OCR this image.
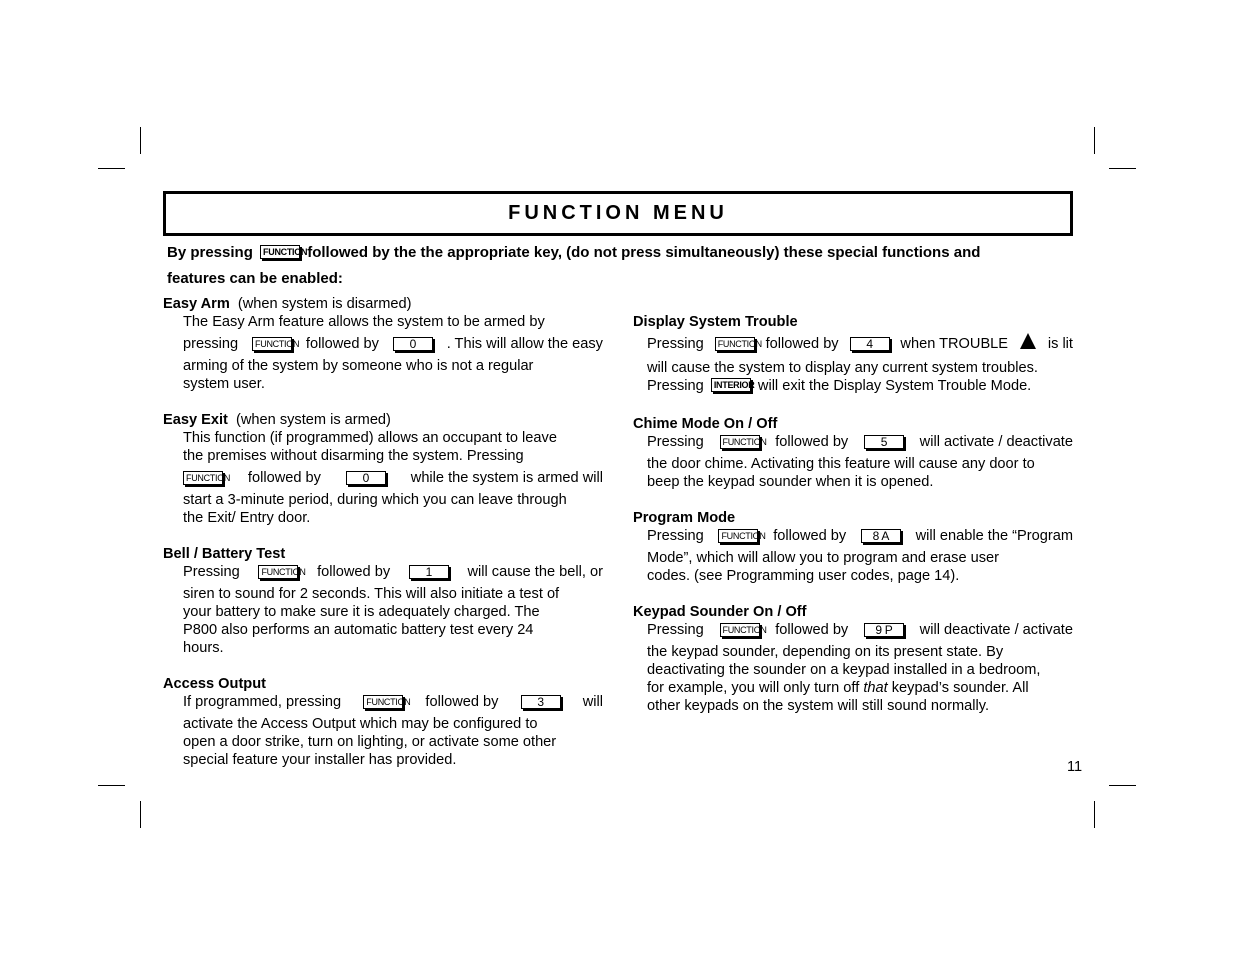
FUNCTION MENU
By pressing FUNCTION followed by the the appropriate key, (do not press simultaneously) these special functions and
features can be enabled:
Easy Arm (when system is disarmed)
The Easy Arm feature allows the system to be armed by
pressing	FUNCTION followed by	0	. This will allow the easy
arming of the system by someone who is not a regular
system user.
Easy Exit (when system is armed)
This function (if programmed) allows an occupant to leave
the premises without disarming the system. Pressing
FUNCTION followed by	0	while the system is armed will
start a 3-minute period, during which you can leave through
the Exit/ Entry door.
Bell / Battery Test
Pressing	FUNCTION followed by	1	will cause the bell, or
siren to sound for 2 seconds. This will also initiate a test of
your battery to make sure it is adequately charged. The
P800 also performs an automatic battery test every 24
hours.
Access Output
If programmed, pressing	FUNCTION followed by	3	will
activate the Access Output which may be configured to
open a door strike, turn on lighting, or activate some other
special feature your installer has provided.
Display System Trouble
Pressing	FUNCTION followed by	4	when TROUBLE	is lit
will cause the system to display any current system troubles.
Pressing INTERIOR will exit the Display System Trouble Mode.
Chime Mode On / Off
Pressing	FUNCTION followed by	5	will activate / deactivate
the door chime. Activating this feature will cause any door to
beep the keypad sounder when it is opened.
Program Mode
Pressing	FUNCTION followed by	8 A	will enable the “Program
Mode”, which will allow you to program and erase user
codes. (see Programming user codes, page 14).
Keypad Sounder On / Off
Pressing	FUNCTION followed by	9 P	will deactivate / activate
the keypad sounder, depending on its present state. By
deactivating the sounder on a keypad installed in a bedroom,
for example, you will only turn off that keypad’s sounder. All
other keypads on the system will still sound normally.
11
